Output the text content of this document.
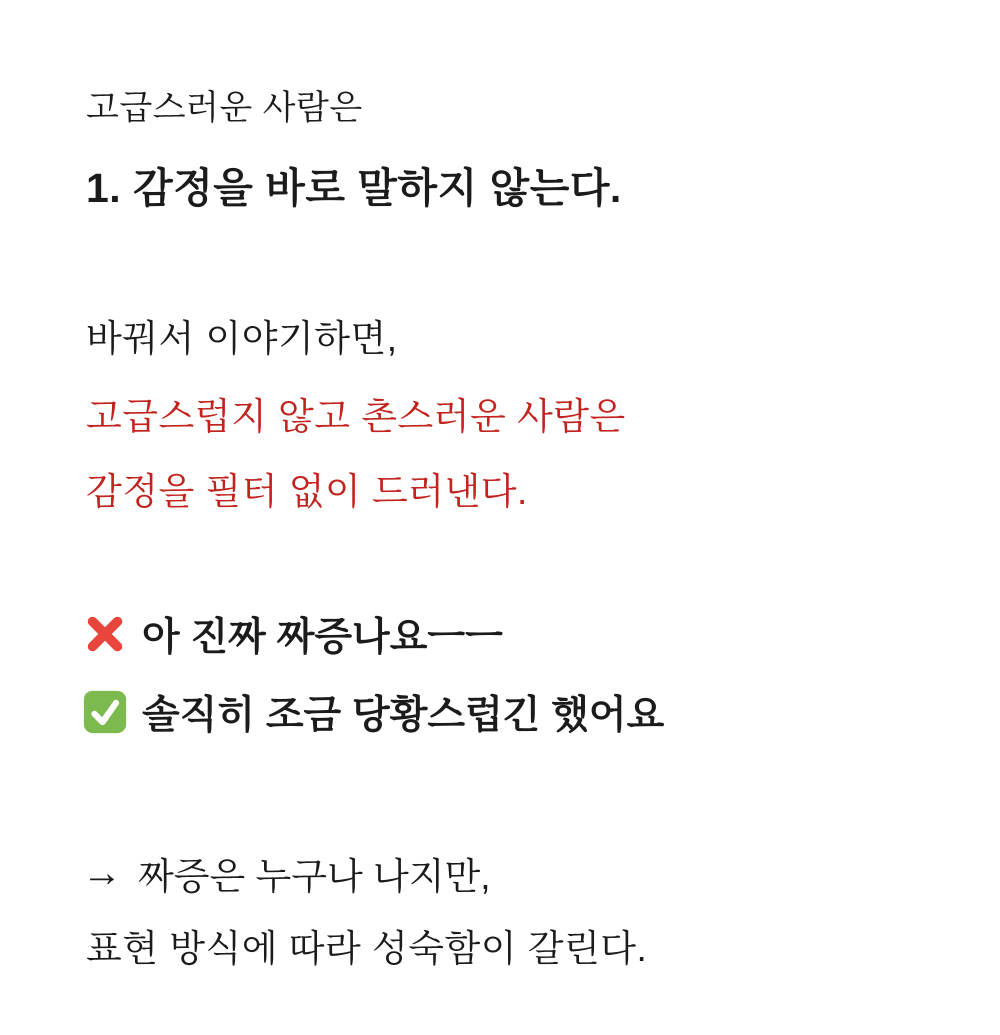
고급스러운 사람은
1. 감정을 바로 말하지 않는다.
바꿔서 이야기하면,
고급스럽지 않고 촌스러운 사람은
감정을 필터 없이 드러낸다.
아 진짜 짜증나요ㅡㅡ
솔직히 조금 당황스럽긴 했어요
→ 짜증은 누구나 나지만,
표현 방식에 따라 성숙함이 갈린다.
